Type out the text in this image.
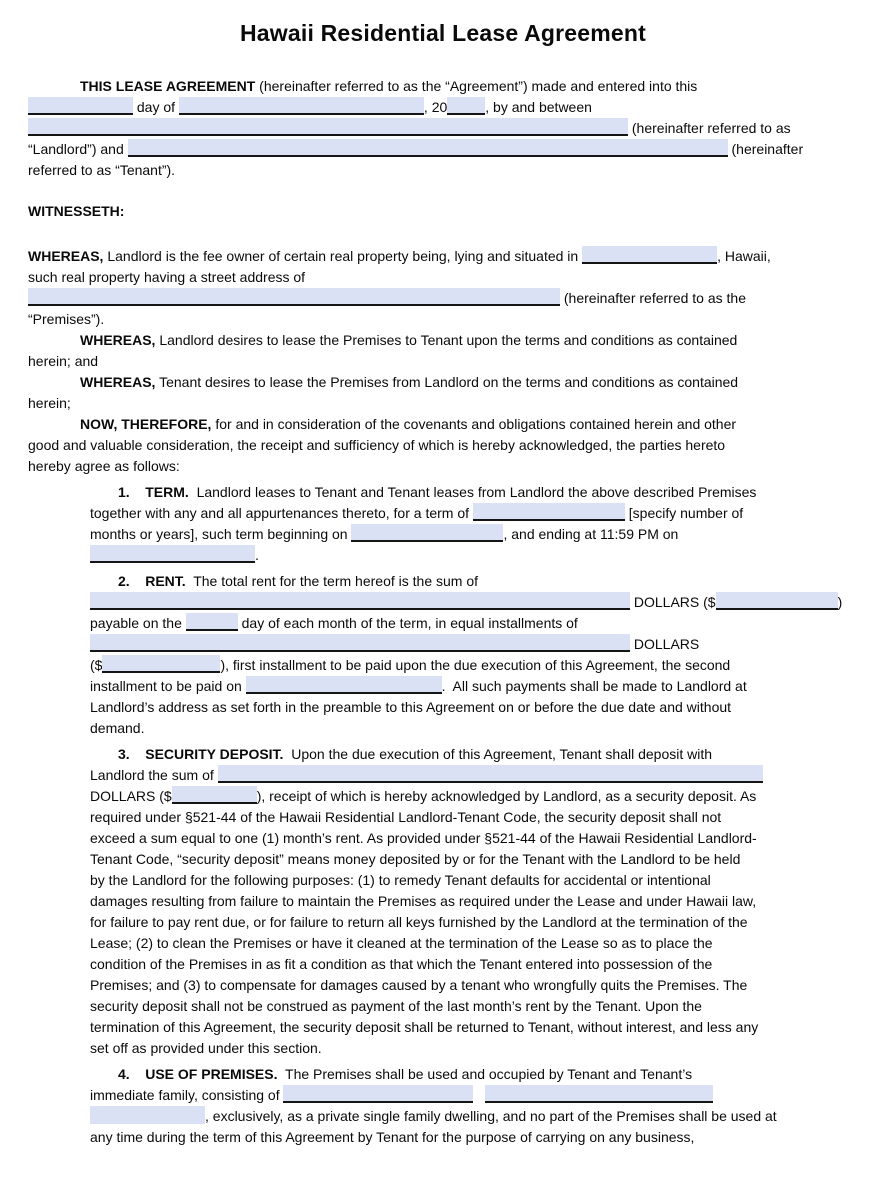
Hawaii Residential Lease Agreement
THIS LEASE AGREEMENT (hereinafter referred to as the “Agreement”) made and entered into this
day of	, 20	, by and between
(hereinafter referred to as
“Landlord”) and	(hereinafter
referred to as “Tenant”).
WITNESSETH:
WHEREAS, Landlord is the fee owner of certain real property being, lying and situated in	, Hawaii,
such real property having a street address of
(hereinafter referred to as the
“Premises”).
WHEREAS, Landlord desires to lease the Premises to Tenant upon the terms and conditions as contained
herein; and
WHEREAS, Tenant desires to lease the Premises from Landlord on the terms and conditions as contained
herein;
NOW, THEREFORE, for and in consideration of the covenants and obligations contained herein and other
good and valuable consideration, the receipt and sufficiency of which is hereby acknowledged, the parties hereto
hereby agree as follows:
1.    TERM.  Landlord leases to Tenant and Tenant leases from Landlord the above described Premises
together with any and all appurtenances thereto, for a term of	[specify number of
months or years], such term beginning on	, and ending at 11:59 PM on
.
2.    RENT.  The total rent for the term hereof is the sum of
DOLLARS ($	)
payable on the	day of each month of the term, in equal installments of
DOLLARS
($	), first installment to be paid upon the due execution of this Agreement, the second
installment to be paid on	.  All such payments shall be made to Landlord at
Landlord’s address as set forth in the preamble to this Agreement on or before the due date and without
demand.
3.    SECURITY DEPOSIT.  Upon the due execution of this Agreement, Tenant shall deposit with
Landlord the sum of
DOLLARS ($	), receipt of which is hereby acknowledged by Landlord, as a security deposit. As
required under §521-44 of the Hawaii Residential Landlord-Tenant Code, the security deposit shall not
exceed a sum equal to one (1) month’s rent. As provided under §521-44 of the Hawaii Residential Landlord-
Tenant Code, “security deposit” means money deposited by or for the Tenant with the Landlord to be held
by the Landlord for the following purposes: (1) to remedy Tenant defaults for accidental or intentional
damages resulting from failure to maintain the Premises as required under the Lease and under Hawaii law,
for failure to pay rent due, or for failure to return all keys furnished by the Landlord at the termination of the
Lease; (2) to clean the Premises or have it cleaned at the termination of the Lease so as to place the
condition of the Premises in as fit a condition as that which the Tenant entered into possession of the
Premises; and (3) to compensate for damages caused by a tenant who wrongfully quits the Premises. The
security deposit shall not be construed as payment of the last month’s rent by the Tenant. Upon the
termination of this Agreement, the security deposit shall be returned to Tenant, without interest, and less any
set off as provided under this section.
4.    USE OF PREMISES.  The Premises shall be used and occupied by Tenant and Tenant’s
immediate family, consisting of
, exclusively, as a private single family dwelling, and no part of the Premises shall be used at
any time during the term of this Agreement by Tenant for the purpose of carrying on any business,
